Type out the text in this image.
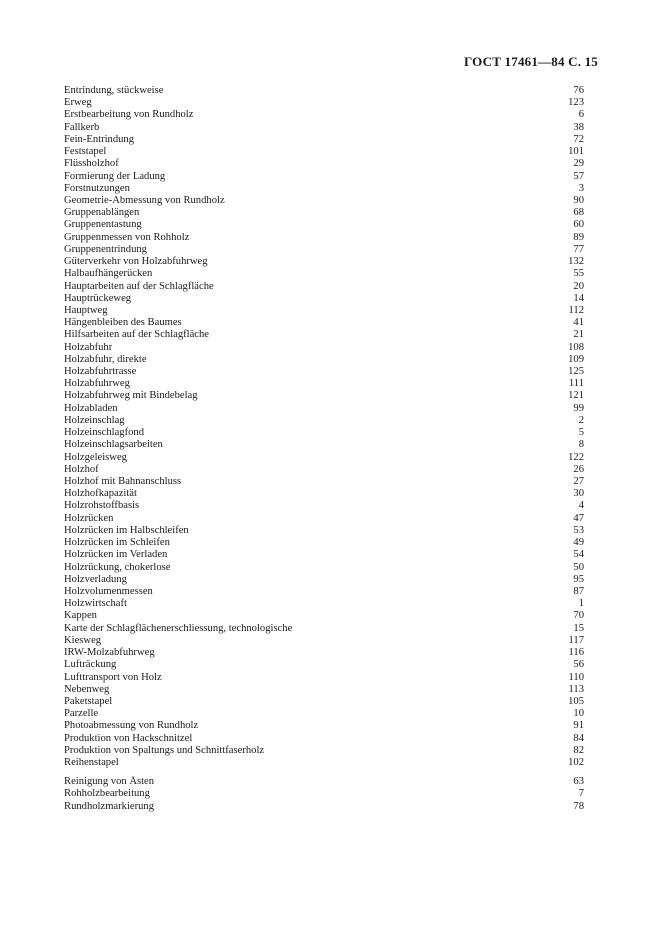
ГОСТ 17461—84 С. 15
Entrindung, stückweise	76
Erweg	123
Erstbearbeitung von Rundholz	6
Fallkerb	38
Fein-Entrindung	72
Feststapel	101
Flüssholzhof	29
Formierung der Ladung	57
Forstnutzungen	3
Geometrie-Abmessung von Rundholz	90
Gruppenablängen	68
Gruppenentastung	60
Gruppenmessen von Rohholz	89
Gruppenentrindung	77
Güterverkehr von Holzabfuhrweg	132
Halbaufhängerücken	55
Hauptarbeiten auf der Schlagfläche	20
Hauptrückeweg	14
Hauptweg	112
Hängenbleiben des Baumes	41
Hilfsarbeiten auf der Schlagfläche	21
Holzabfuhr	108
Holzabfuhr, direkte	109
Holzabfuhrtrasse	125
Holzabfuhrweg	111
Holzabfuhrweg mit Bindebelag	121
Holzabladen	99
Holzeinschlag	2
Holzeinschlagfond	5
Holzeinschlagsarbeiten	8
Holzgeleisweg	122
Holzhof	26
Holzhof mit Bahnanschluss	27
Holzhofkapazität	30
Holzrohstoffbasis	4
Holzrücken	47
Holzrücken im Halbschleifen	53
Holzrücken im Schleifen	49
Holzrücken im Verladen	54
Holzrückung, chokerlose	50
Holzverladung	95
Holzvolumenmessen	87
Holzwirtschaft	1
Kappen	70
Karte der Schlagflächenerschliessung, technologische	15
Kiesweg	117
IRW-Molzabfuhrweg	116
Lufträckung	56
Lufttransport von Holz	110
Nebenweg	113
Paketstapel	105
Parzelle	10
Photoabmessung von Rundholz	91
Produktion von Hackschnitzel	84
Produktion von Spaltungs und Schnittfaserholz	82
Reihenstapel	102
Reinigung von Ästen	63
Rohholzbearbeitung	7
Rundholzmarkierung	78
